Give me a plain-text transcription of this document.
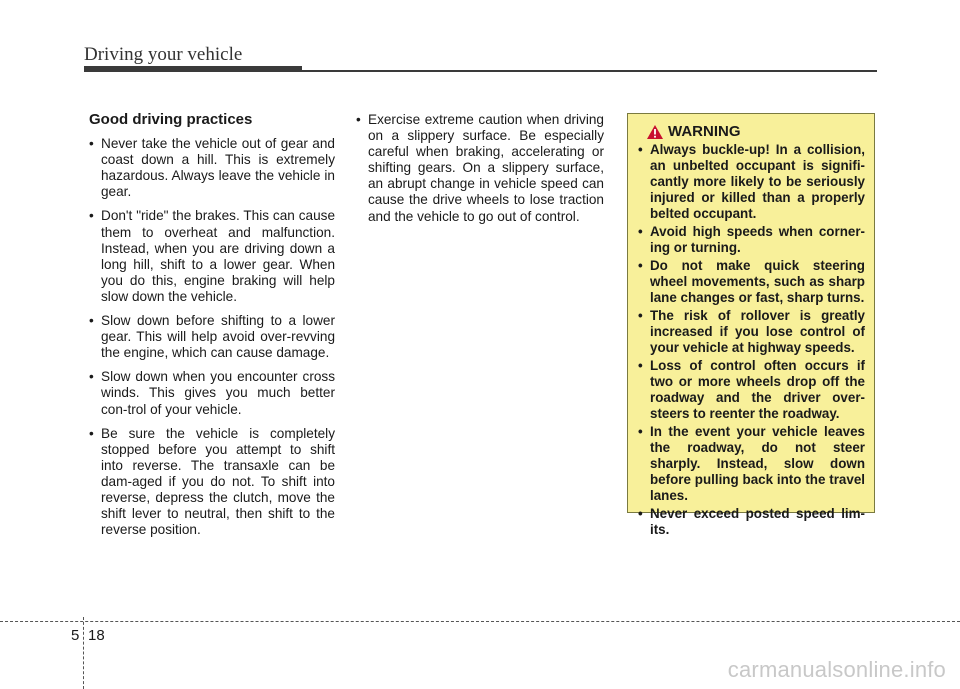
Driving your vehicle
Good driving practices
• Never take the vehicle out of gear and coast down a hill. This is extremely hazardous. Always leave the vehicle in gear.
• Don't "ride" the brakes. This can cause them to overheat and malfunction. Instead, when you are driving down a long hill, shift to a lower gear. When you do this, engine braking will help slow down the vehicle.
• Slow down before shifting to a lower gear. This will help avoid over-revving the engine, which can cause damage.
• Slow down when you encounter cross winds. This gives you much better con-trol of your vehicle.
• Be sure the vehicle is completely stopped before you attempt to shift into reverse. The transaxle can be dam-aged if you do not. To shift into reverse, depress the clutch, move the shift lever to neutral, then shift to the reverse position.
• Exercise extreme caution when driving on a slippery surface. Be especially careful when braking, accelerating or shifting gears. On a slippery surface, an abrupt change in vehicle speed can cause the drive wheels to lose traction and the vehicle to go out of control.
WARNING
• Always buckle-up! In a collision, an unbelted occupant is signifi-cantly more likely to be seriously injured or killed than a properly belted occupant.
• Avoid high speeds when corner-ing or turning.
• Do not make quick steering wheel movements, such as sharp lane changes or fast, sharp turns.
• The risk of rollover is greatly increased if you lose control of your vehicle at highway speeds.
• Loss of control often occurs if two or more wheels drop off the roadway and the driver over-steers to reenter the roadway.
• In the event your vehicle leaves the roadway, do not steer sharply. Instead, slow down before pulling back into the travel lanes.
• Never exceed posted speed lim-its.
5 18
carmanualsonline.info
